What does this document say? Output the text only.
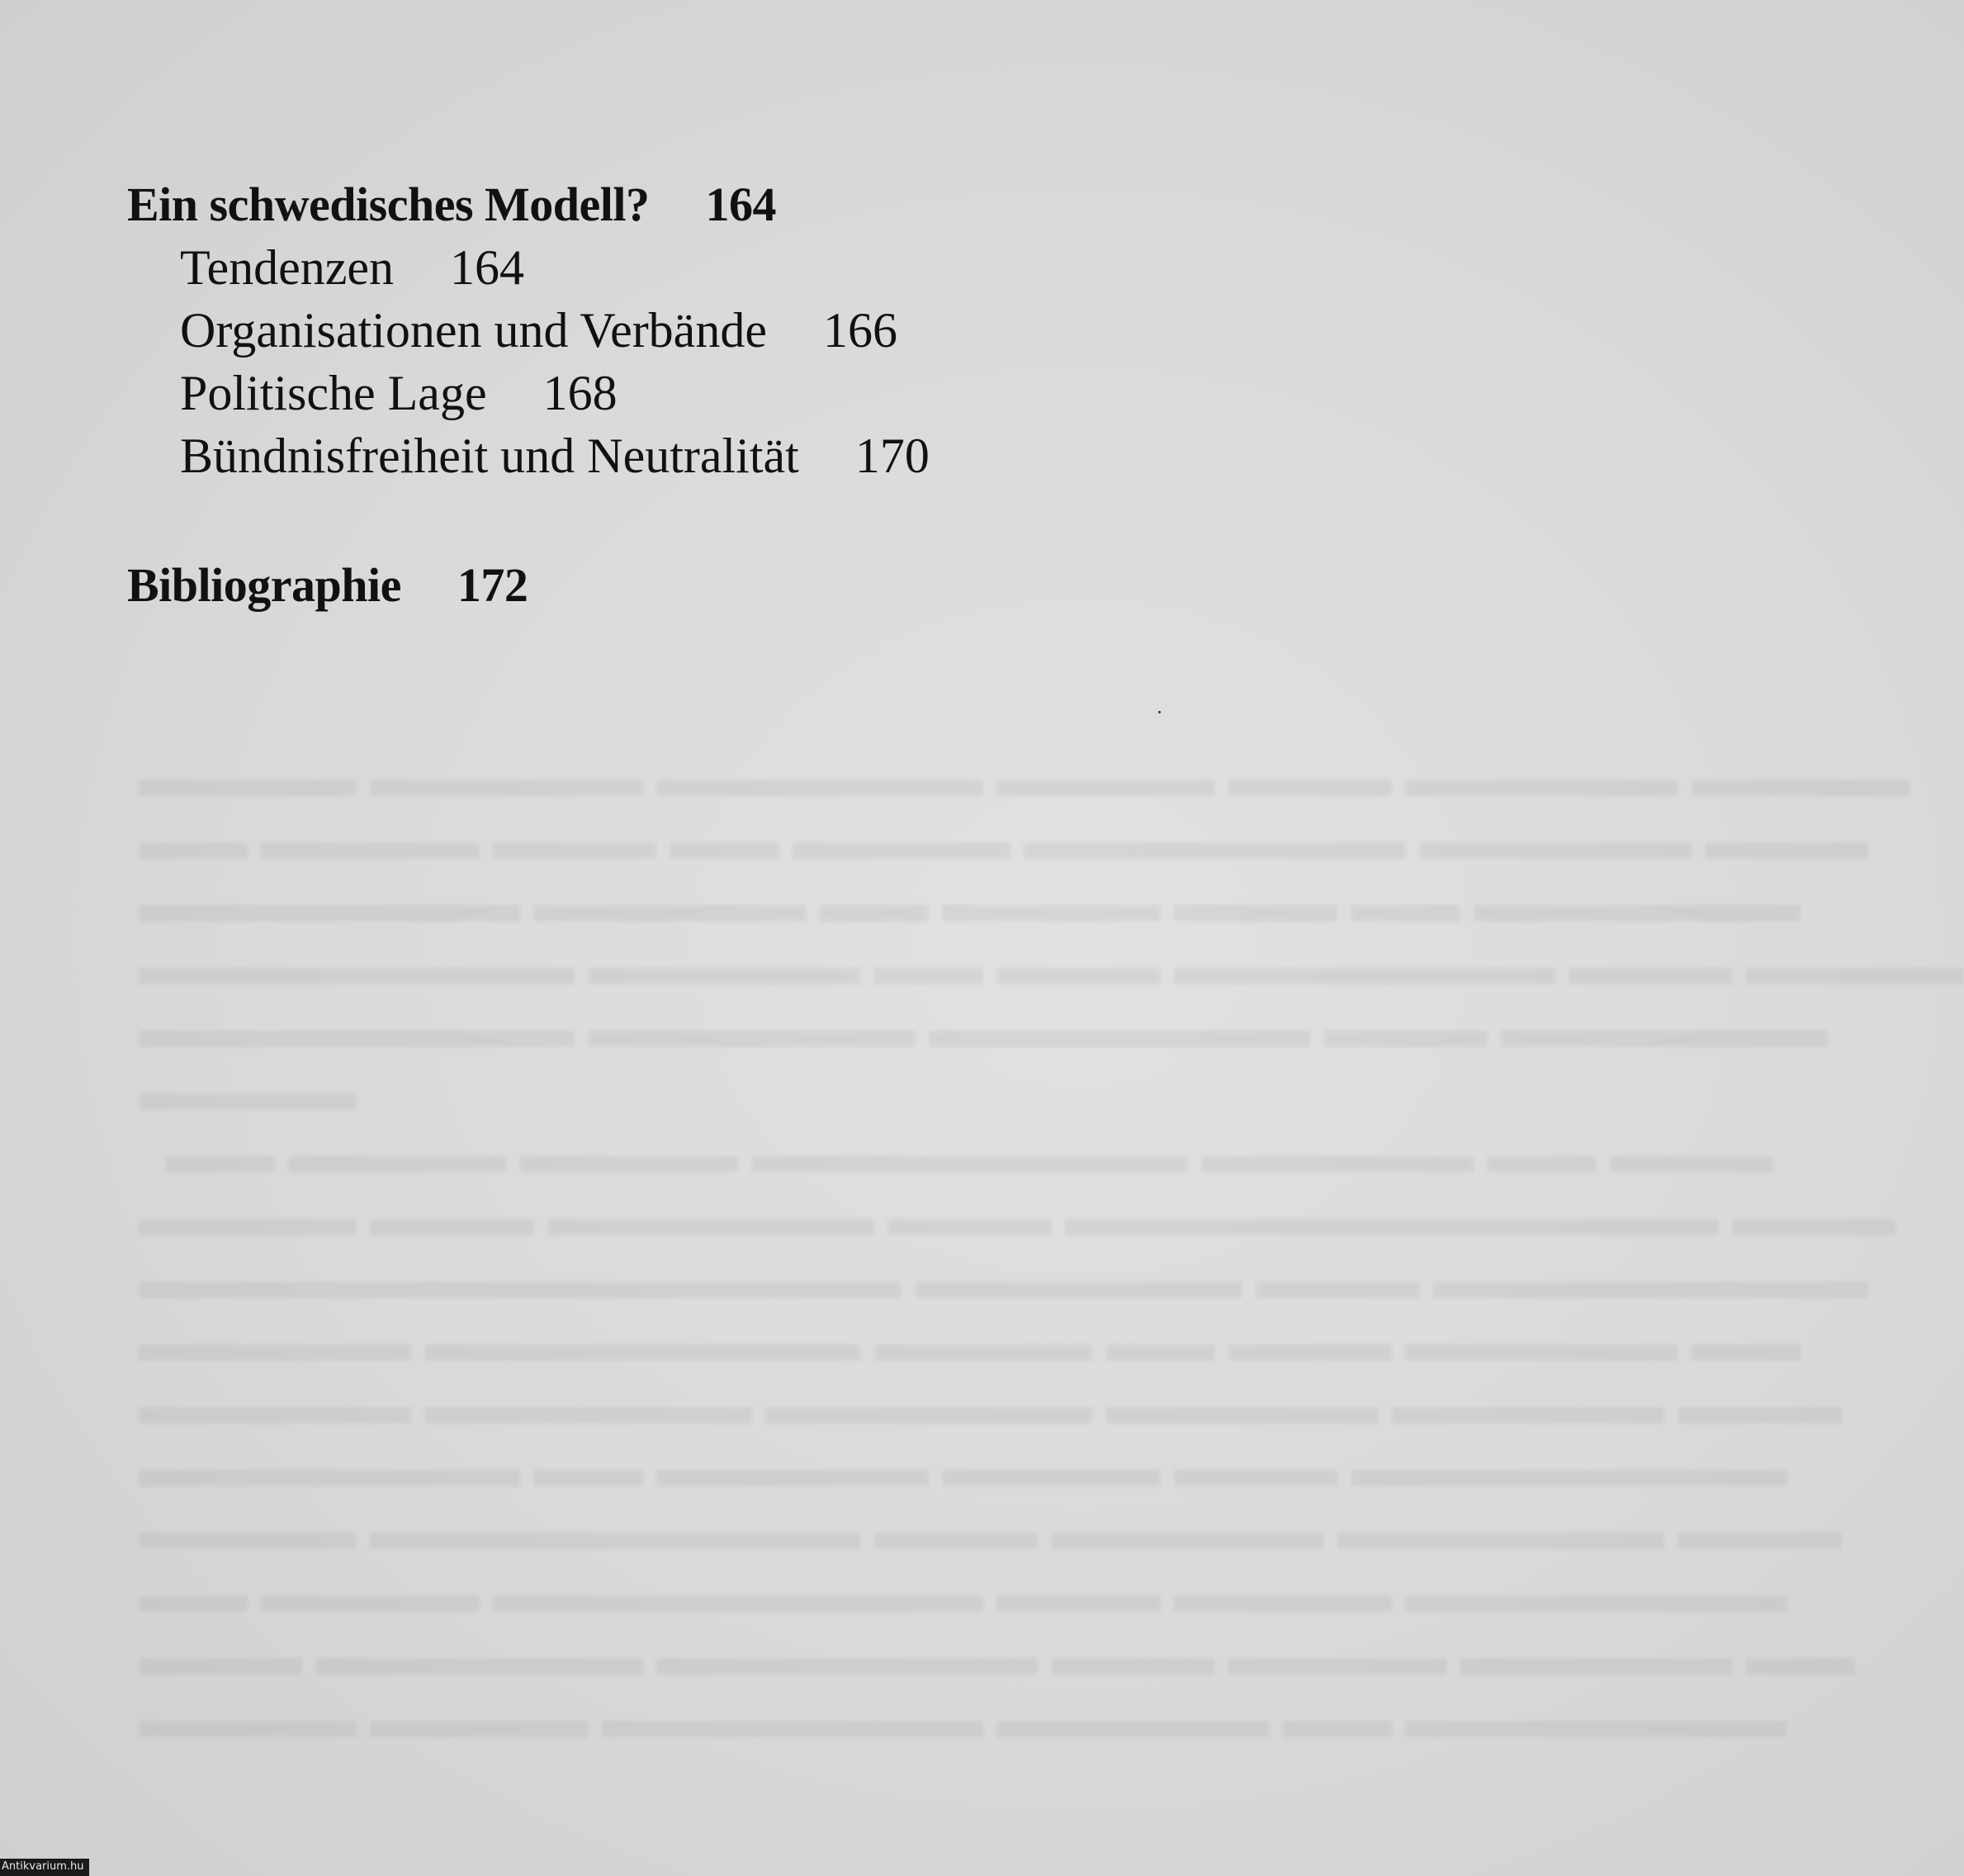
Ein schwedisches Modell? 164
Tendenzen 164
Organisationen und Verbände 166
Politische Lage 168
Bündnisfreiheit und Neutralität 170
Bibliographie 172
▬▬▬▬ ▬▬▬▬▬ ▬▬▬▬▬▬ ▬▬▬▬ ▬▬▬ ▬▬▬▬▬ ▬▬▬▬
▬▬ ▬▬▬▬ ▬▬▬ ▬▬ ▬▬▬▬ ▬▬▬▬▬▬▬ ▬▬▬▬▬ ▬▬▬
▬▬▬▬▬▬▬ ▬▬▬▬▬ ▬▬ ▬▬▬▬ ▬▬▬ ▬▬ ▬▬▬▬▬▬
▬▬▬▬▬▬▬▬ ▬▬▬▬▬ ▬▬ ▬▬▬ ▬▬▬▬▬▬▬ ▬▬▬ ▬▬▬▬
▬▬▬▬▬▬▬▬ ▬▬▬▬▬▬ ▬▬▬▬▬▬▬ ▬▬▬ ▬▬▬▬▬▬
▬▬▬▬
▬▬ ▬▬▬▬ ▬▬▬▬ ▬▬▬▬▬▬▬▬ ▬▬▬▬▬ ▬▬ ▬▬▬
▬▬▬▬ ▬▬▬ ▬▬▬▬▬▬ ▬▬▬ ▬▬▬▬▬▬▬▬▬▬▬▬ ▬▬▬
▬▬▬▬▬▬▬▬▬▬▬▬▬▬ ▬▬▬▬▬▬ ▬▬▬ ▬▬▬▬▬▬▬▬
▬▬▬▬▬ ▬▬▬▬▬▬▬▬ ▬▬▬▬ ▬▬ ▬▬▬ ▬▬▬▬▬ ▬▬
▬▬▬▬▬ ▬▬▬▬▬▬ ▬▬▬▬▬▬ ▬▬▬▬▬ ▬▬▬▬▬ ▬▬▬
▬▬▬▬▬▬▬ ▬▬ ▬▬▬▬▬ ▬▬▬▬ ▬▬▬ ▬▬▬▬▬▬▬▬
▬▬▬▬ ▬▬▬▬▬▬▬▬▬ ▬▬▬ ▬▬▬▬▬ ▬▬▬▬▬▬ ▬▬▬
▬▬ ▬▬▬▬ ▬▬▬▬▬▬▬▬▬ ▬▬▬ ▬▬▬▬ ▬▬▬▬▬▬▬
▬▬▬ ▬▬▬▬▬▬ ▬▬▬▬▬▬▬ ▬▬▬ ▬▬▬▬ ▬▬▬▬▬ ▬▬
▬▬▬▬ ▬▬▬▬ ▬▬▬▬▬▬▬ ▬▬▬▬▬ ▬▬ ▬▬▬▬▬▬▬
Antikvarium.hu
